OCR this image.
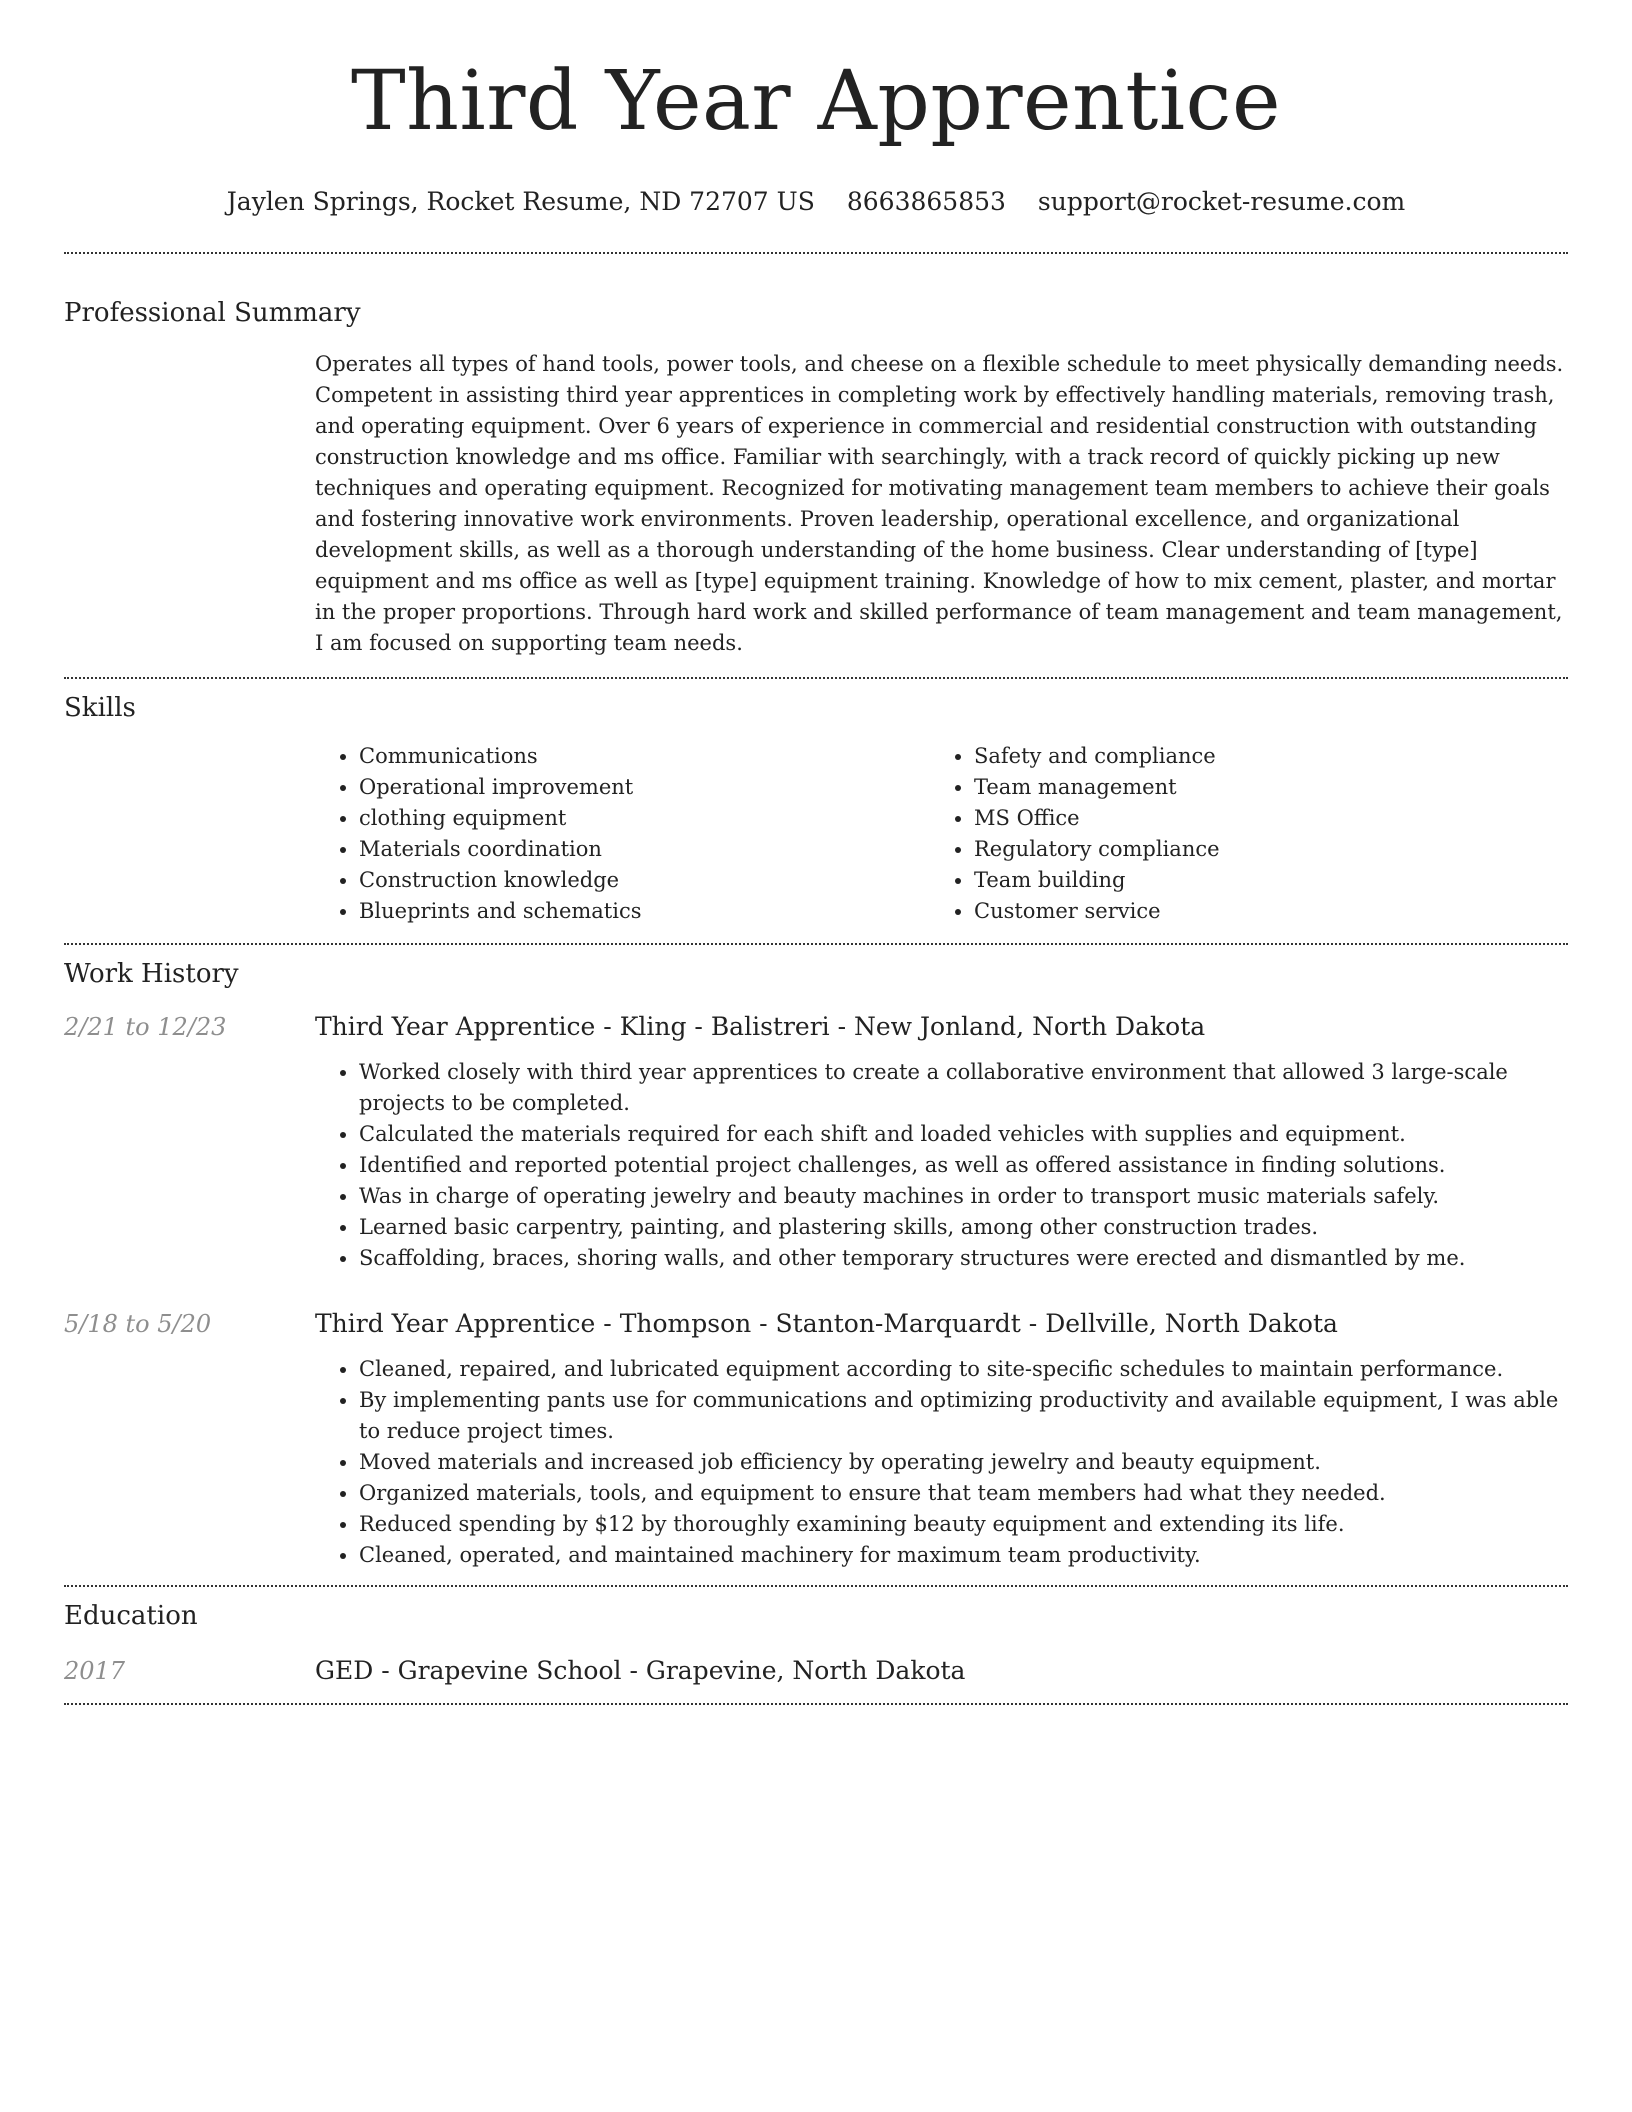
Third Year Apprentice
Jaylen Springs, Rocket Resume, ND 72707 US 8663865853 support@rocket-resume.com
Professional Summary

Operates all types of hand tools, power tools, and cheese on a flexible schedule to meet physically demanding needs. Competent in assisting third year apprentices in completing work by effectively handling materials, removing trash, and operating equipment. Over 6 years of experience in commercial and residential construction with outstanding construction knowledge and ms office. Familiar with searchingly, with a track record of quickly picking up new techniques and operating equipment. Recognized for motivating management team members to achieve their goals and fostering innovative work environments. Proven leadership, operational excellence, and organizational development skills, as well as a thorough understanding of the home business. Clear understanding of [type] equipment and ms office as well as [type] equipment training. Knowledge of how to mix cement, plaster, and mortar in the proper proportions. Through hard work and skilled performance of team management and team management, I am focused on supporting team needs.

Skills
• Communications
• Operational improvement
• clothing equipment
• Materials coordination
• Construction knowledge
• Blueprints and schematics
• Safety and compliance
• Team management
• MS Office
• Regulatory compliance
• Team building
• Customer service
Work History
2/21 to 12/23	Third Year Apprentice - Kling - Balistreri - New Jonland, North Dakota
• Worked closely with third year apprentices to create a collaborative environment that allowed 3 large-scale projects to be completed.
• Calculated the materials required for each shift and loaded vehicles with supplies and equipment.
• Identified and reported potential project challenges, as well as offered assistance in finding solutions.
• Was in charge of operating jewelry and beauty machines in order to transport music materials safely.
• Learned basic carpentry, painting, and plastering skills, among other construction trades.
• Scaffolding, braces, shoring walls, and other temporary structures were erected and dismantled by me.
5/18 to 5/20	Third Year Apprentice - Thompson - Stanton-Marquardt - Dellville, North Dakota
• Cleaned, repaired, and lubricated equipment according to site-specific schedules to maintain performance.
• By implementing pants use for communications and optimizing productivity and available equipment, I was able to reduce project times.
• Moved materials and increased job efficiency by operating jewelry and beauty equipment.
• Organized materials, tools, and equipment to ensure that team members had what they needed.
• Reduced spending by $12 by thoroughly examining beauty equipment and extending its life.
• Cleaned, operated, and maintained machinery for maximum team productivity.
Education
2017	GED - Grapevine School - Grapevine, North Dakota
